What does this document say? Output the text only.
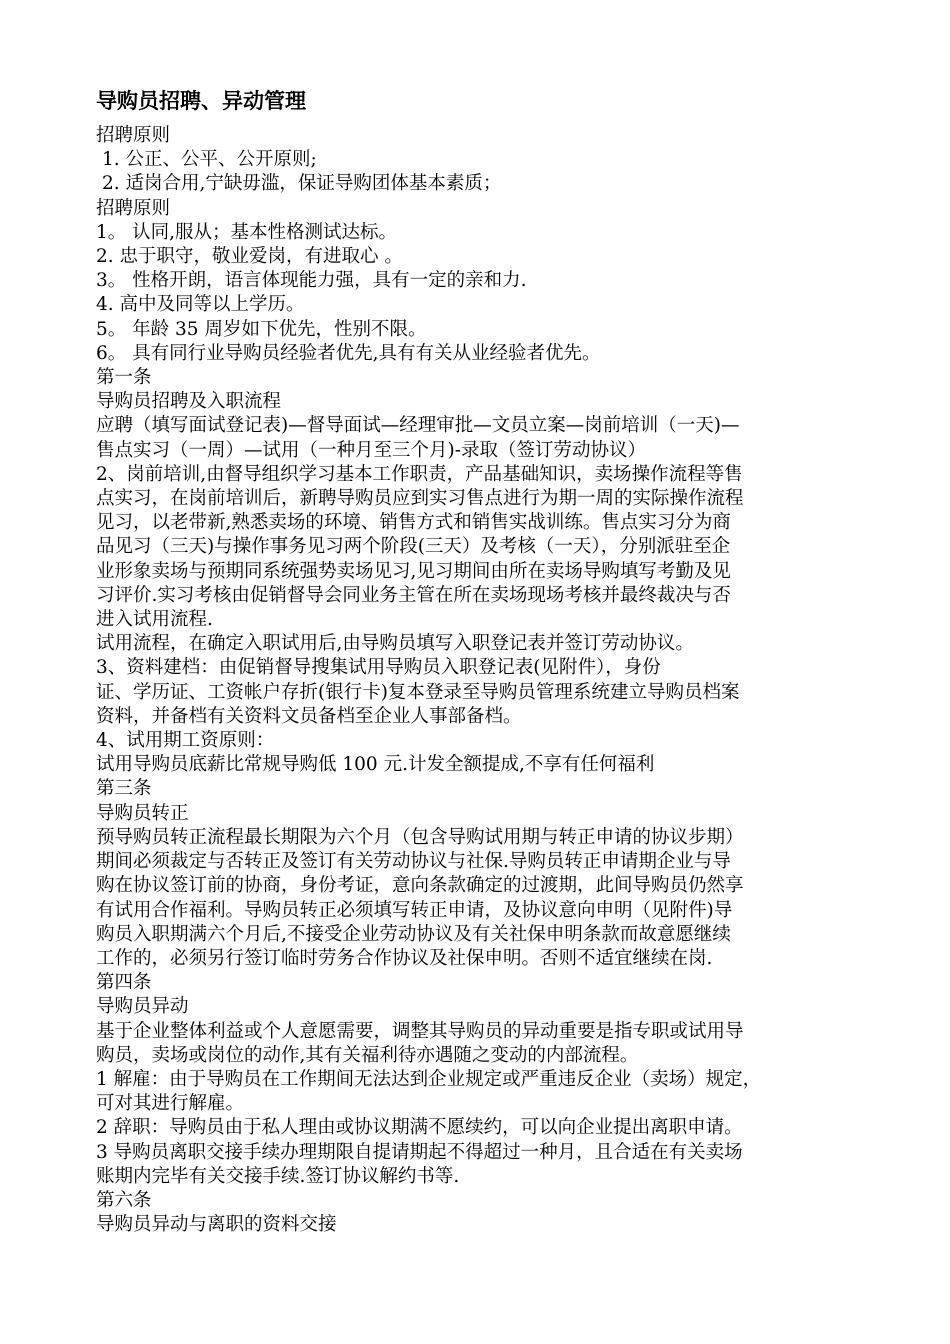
导购员招聘、异动管理

招聘原则

1. 公正、公平、公开原则;

2. 适岗合用,宁缺毋滥，保证导购团体基本素质；

招聘原则

1。 认同,服从；基本性格测试达标。

2. 忠于职守，敬业爱岗，有进取心 。

3。 性格开朗，语言体现能力强，具有一定的亲和力.

4. 高中及同等以上学历。

5。 年龄 35 周岁如下优先，性别不限。

6。 具有同行业导购员经验者优先,具有有关从业经验者优先。

第一条

导购员招聘及入职流程

应聘（填写面试登记表)—督导面试—经理审批—文员立案—岗前培训（一天)—

售点实习（一周）—试用（一种月至三个月)-录取（签订劳动协议）

2、岗前培训,由督导组织学习基本工作职责，产品基础知识，卖场操作流程等售

点实习，在岗前培训后，新聘导购员应到实习售点进行为期一周的实际操作流程

见习，以老带新,熟悉卖场的环境、销售方式和销售实战训练。售点实习分为商

品见习（三天)与操作事务见习两个阶段(三天）及考核（一天），分别派驻至企

业形象卖场与预期同系统强势卖场见习,见习期间由所在卖场导购填写考勤及见

习评价.实习考核由促销督导会同业务主管在所在卖场现场考核并最终裁决与否

进入试用流程.

试用流程，在确定入职试用后,由导购员填写入职登记表并签订劳动协议。

3、资料建档：由促销督导搜集试用导购员入职登记表(见附件），身份

证、学历证、工资帐户存折(银行卡)复本登录至导购员管理系统建立导购员档案

资料，并备档有关资料文员备档至企业人事部备档。

4、试用期工资原则：

试用导购员底薪比常规导购低 100 元.计发全额提成,不享有任何福利

第三条

导购员转正

预导购员转正流程最长期限为六个月（包含导购试用期与转正申请的协议步期）

期间必须裁定与否转正及签订有关劳动协议与社保.导购员转正申请期企业与导

购在协议签订前的协商，身份考证，意向条款确定的过渡期，此间导购员仍然享

有试用合作福利。导购员转正必须填写转正申请，及协议意向申明（见附件)导

购员入职期满六个月后,不接受企业劳动协议及有关社保申明条款而故意愿继续

工作的，必须另行签订临时劳务合作协议及社保申明。否则不适宜继续在岗.

第四条

导购员异动

基于企业整体利益或个人意愿需要，调整其导购员的异动重要是指专职或试用导

购员，卖场或岗位的动作,其有关福利待亦遇随之变动的内部流程。

1 解雇：由于导购员在工作期间无法达到企业规定或严重违反企业（卖场）规定，

可对其进行解雇。

2 辞职：导购员由于私人理由或协议期满不愿续约，可以向企业提出离职申请。

3 导购员离职交接手续办理期限自提请期起不得超过一种月，且合适在有关卖场

账期内完毕有关交接手续.签订协议解约书等.

第六条

导购员异动与离职的资料交接
